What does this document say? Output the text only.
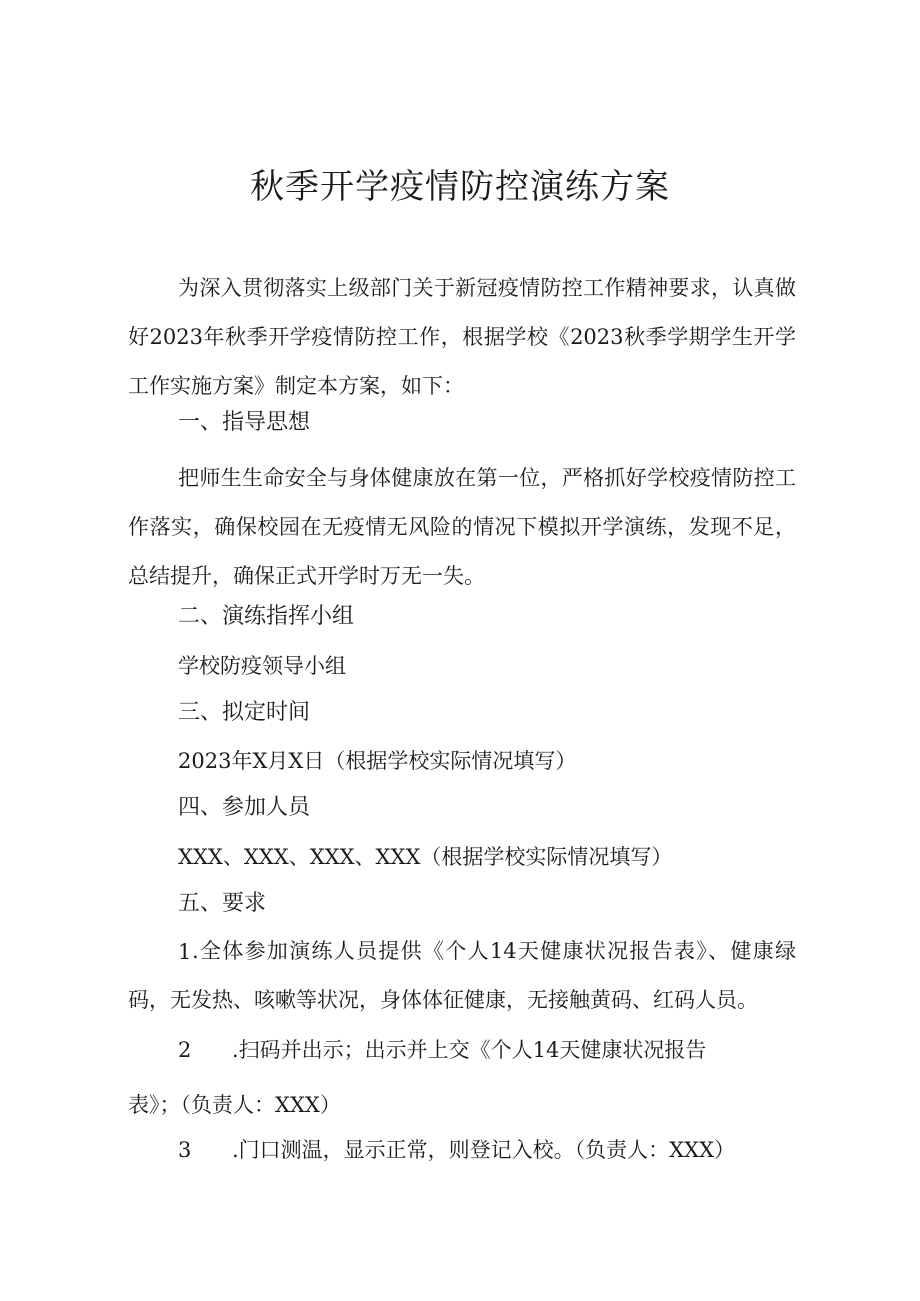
秋季开学疫情防控演练方案

为深入贯彻落实上级部门关于新冠疫情防控工作精神要求，认真做好2023年秋季开学疫情防控工作，根据学校《2023秋季学期学生开学工作实施方案》制定本方案，如下：

一、指导思想

把师生生命安全与身体健康放在第一位，严格抓好学校疫情防控工作落实，确保校园在无疫情无风险的情况下模拟开学演练，发现不足，总结提升，确保正式开学时万无一失。

二、演练指挥小组
学校防疫领导小组
三、拟定时间
2023年X月X日（根据学校实际情况填写）
四、参加人员
XXX、XXX、XXX、XXX（根据学校实际情况填写）
五、要求
1 .全体参加演练人员提供《个人14天健康状况报告表》、健康绿码，无发热、咳嗽等状况，身体体征健康，无接触黄码、红码人员。

2 .扫码并出示；出示并上交《个人14天健康状况报告
表》；（负责人：XXX）
3 .门口测温，显示正常，则登记入校。（负责人：XXX）
